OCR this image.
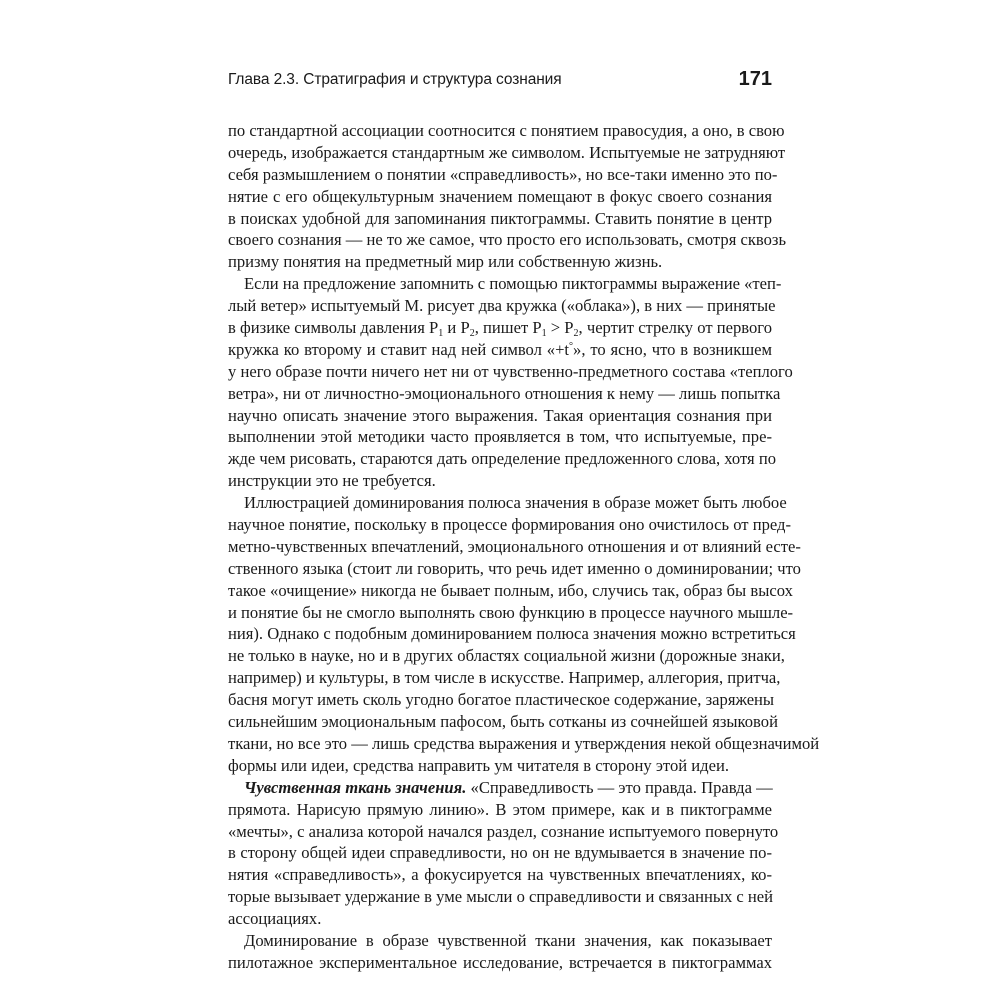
Глава 2.3. Стратиграфия и структура сознания	171
по стандартной ассоциации соотносится с понятием правосудия, а оно, в свою
очередь, изображается стандартным же символом. Испытуемые не затрудняют
себя размышлением о понятии «справедливость», но все-таки именно это по-
нятие с его общекультурным значением помещают в фокус своего сознания
в поисках удобной для запоминания пиктограммы. Ставить понятие в центр
своего сознания — не то же самое, что просто его использовать, смотря сквозь
призму понятия на предметный мир или собственную жизнь.
Если на предложение запомнить с помощью пиктограммы выражение «теп-
лый ветер» испытуемый М. рисует два кружка («облака»), в них — принятые
в физике символы давления $Р_1$ и $Р_2$, пишет $Р_1 > Р_2$, чертит стрелку от первого
кружка ко второму и ставит над ней символ «+t°», то ясно, что в возникшем
у него образе почти ничего нет ни от чувственно-предметного состава «теплого
ветра», ни от личностно-эмоционального отношения к нему — лишь попытка
научно описать значение этого выражения. Такая ориентация сознания при
выполнении этой методики часто проявляется в том, что испытуемые, пре-
жде чем рисовать, стараются дать определение предложенного слова, хотя по
инструкции это не требуется.
Иллюстрацией доминирования полюса значения в образе может быть любое
научное понятие, поскольку в процессе формирования оно очистилось от пред-
метно-чувственных впечатлений, эмоционального отношения и от влияний есте-
ственного языка (стоит ли говорить, что речь идет именно о доминировании; что
такое «очищение» никогда не бывает полным, ибо, случись так, образ бы высох
и понятие бы не смогло выполнять свою функцию в процессе научного мышле-
ния). Однако с подобным доминированием полюса значения можно встретиться
не только в науке, но и в других областях социальной жизни (дорожные знаки,
например) и культуры, в том числе в искусстве. Например, аллегория, притча,
басня могут иметь сколь угодно богатое пластическое содержание, заряжены
сильнейшим эмоциональным пафосом, быть сотканы из сочнейшей языковой
ткани, но все это — лишь средства выражения и утверждения некой общезначимой
формы или идеи, средства направить ум читателя в сторону этой идеи.
Чувственная ткань значения. «Справедливость — это правда. Правда —
прямота. Нарисую прямую линию». В этом примере, как и в пиктограмме
«мечты», с анализа которой начался раздел, сознание испытуемого повернуто
в сторону общей идеи справедливости, но он не вдумывается в значение по-
нятия «справедливость», а фокусируется на чувственных впечатлениях, ко-
торые вызывает удержание в уме мысли о справедливости и связанных с ней
ассоциациях.
Доминирование в образе чувственной ткани значения, как показывает
пилотажное экспериментальное исследование, встречается в пиктограммах
